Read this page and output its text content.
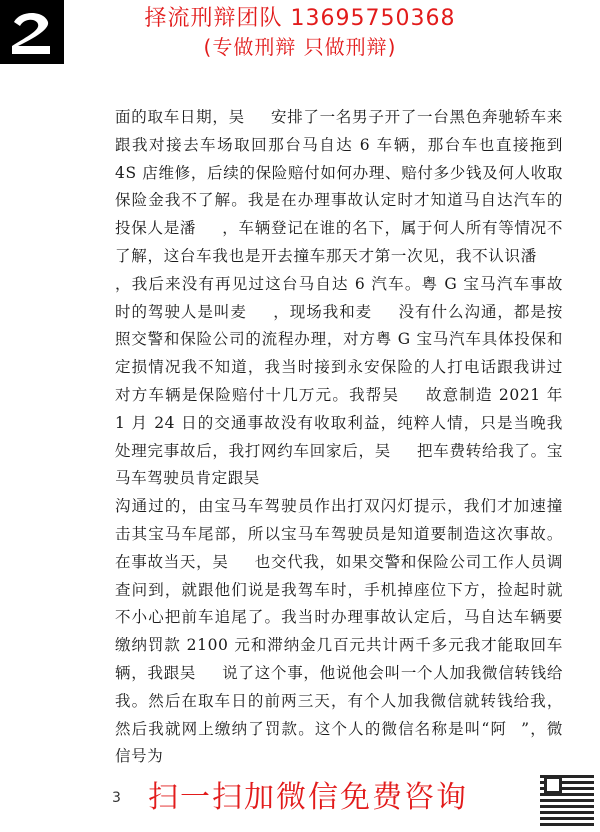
择流刑辩团队 13695750368
(专做刑辩 只做刑辩)

面的取车日期，吴 安排了一名男子开了一台黑色奔驰轿车来跟我对接去车场取回那台马自达 6 车辆，那台车也直接拖到 4S 店维修，后续的保险赔付如何办理、赔付多少钱及何人收取保险金我不了解。我是在办理事故认定时才知道马自达汽车的投保人是潘 ，车辆登记在谁的名下，属于何人所有等情况不了解，这台车我也是开去撞车那天才第一次见，我不认识潘，我后来没有再见过这台马自达 6 汽车。粤 G 宝马汽车事故时的驾驶人是叫麦 ，现场我和麦 没有什么沟通，都是按照交警和保险公司的流程办理，对方粤 G 宝马汽车具体投保和定损情况我不知道，我当时接到永安保险的人打电话跟我讲过对方车辆是保险赔付十几万元。我帮吴 故意制造 2021 年 1 月 24 日的交通事故没有收取利益，纯粹人情，只是当晚我处理完事故后，我打网约车回家后，吴 把车费转给我了。宝马车驾驶员肯定跟吴

沟通过的，由宝马车驾驶员作出打双闪灯提示，我们才加速撞击其宝马车尾部，所以宝马车驾驶员是知道要制造这次事故。在事故当天，吴 也交代我，如果交警和保险公司工作人员调查问到，就跟他们说是我驾车时，手机掉座位下方，捡起时就不小心把前车追尾了。我当时办理事故认定后，马自达车辆要缴纳罚款 2100 元和滞纳金几百元共计两千多元我才能取回车辆，我跟吴 说了这个事，他说他会叫一个人加我微信转钱给我。然后在取车日的前两三天，有个人加我微信就转钱给我，然后我就网上缴纳了罚款。这个人的微信名称是叫“阿 ”，微信号为

3 扫一扫加微信免费咨询
